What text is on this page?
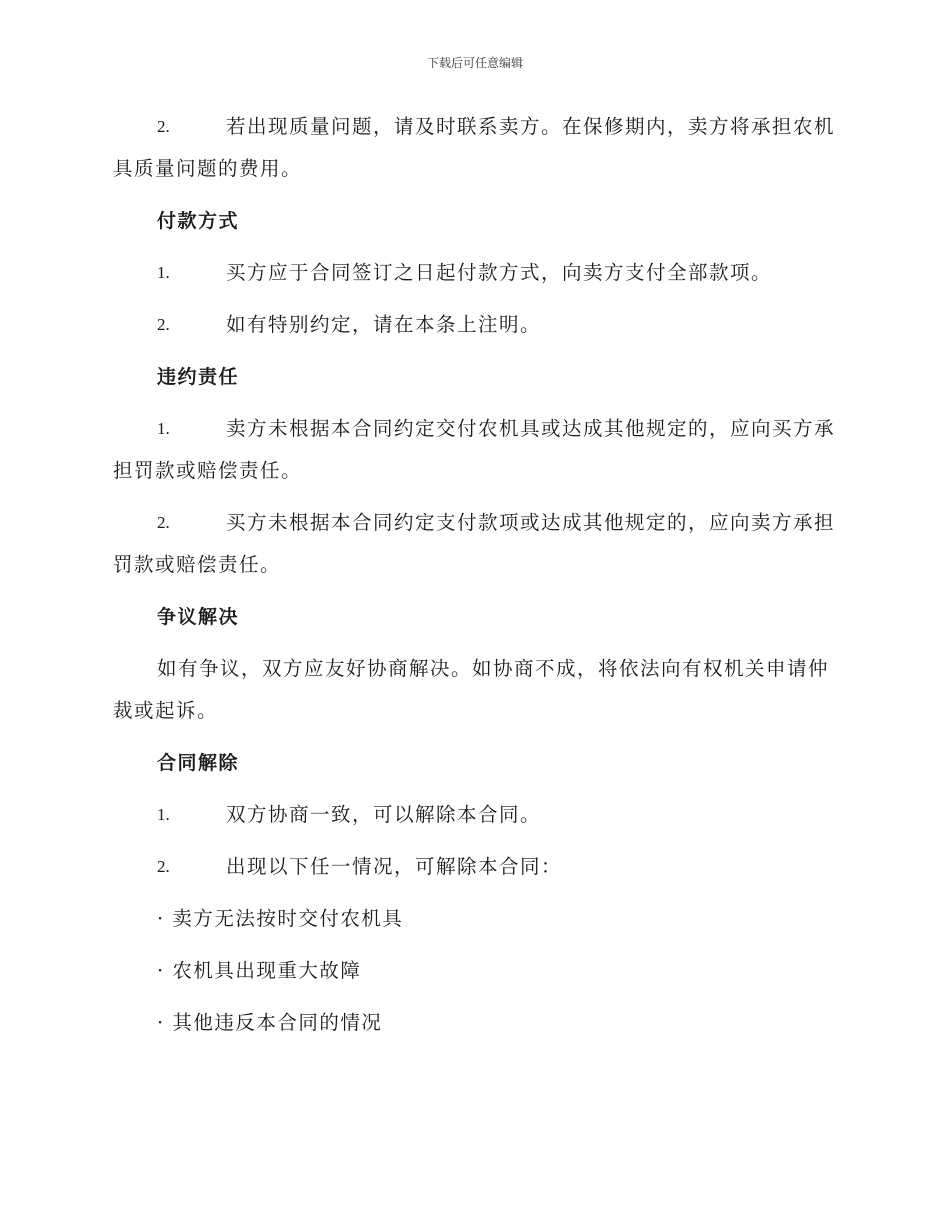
下载后可任意编辑
2.	若出现质量问题，请及时联系卖方。在保修期内，卖方将承担农机具质量问题的费用。
付款方式
1.	买方应于合同签订之日起付款方式，向卖方支付全部款项。
2.	如有特别约定，请在本条上注明。
违约责任
1.	卖方未根据本合同约定交付农机具或达成其他规定的，应向买方承担罚款或赔偿责任。
2.	买方未根据本合同约定支付款项或达成其他规定的，应向卖方承担罚款或赔偿责任。
争议解决
如有争议，双方应友好协商解决。如协商不成，将依法向有权机关申请仲裁或起诉。
合同解除
1.	双方协商一致，可以解除本合同。
2.	出现以下任一情况，可解除本合同：
· 卖方无法按时交付农机具
· 农机具出现重大故障
· 其他违反本合同的情况
